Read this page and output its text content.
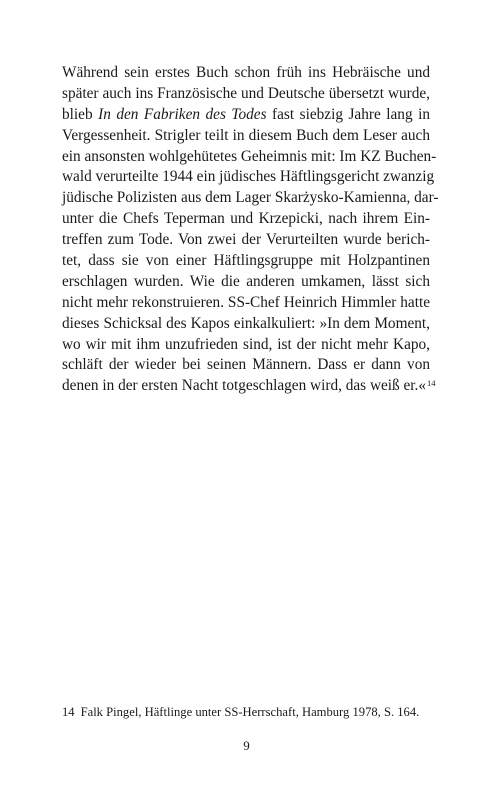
Während sein erstes Buch schon früh ins Hebräische und
später auch ins Französische und Deutsche übersetzt wurde,
blieb In den Fabriken des Todes fast siebzig Jahre lang in
Vergessenheit. Strigler teilt in diesem Buch dem Leser auch
ein ansonsten wohlgehütetes Geheimnis mit: Im KZ Buchen-
wald verurteilte 1944 ein jüdisches Häftlingsgericht zwanzig
jüdische Polizisten aus dem Lager Skarżysko-Kamienna, dar-
unter die Chefs Teperman und Krzepicki, nach ihrem Ein-
treffen zum Tode. Von zwei der Verurteilten wurde berich-
tet, dass sie von einer Häftlingsgruppe mit Holzpantinen
erschlagen wurden. Wie die anderen umkamen, lässt sich
nicht mehr rekonstruieren. SS-Chef Heinrich Himmler hatte
dieses Schicksal des Kapos einkalkuliert: »In dem Moment,
wo wir mit ihm unzufrieden sind, ist der nicht mehr Kapo,
schläft der wieder bei seinen Männern. Dass er dann von
denen in der ersten Nacht totgeschlagen wird, das weiß er.«$^{14}$
14 Falk Pingel, Häftlinge unter SS-Herrschaft, Hamburg 1978, S. 164.
9
